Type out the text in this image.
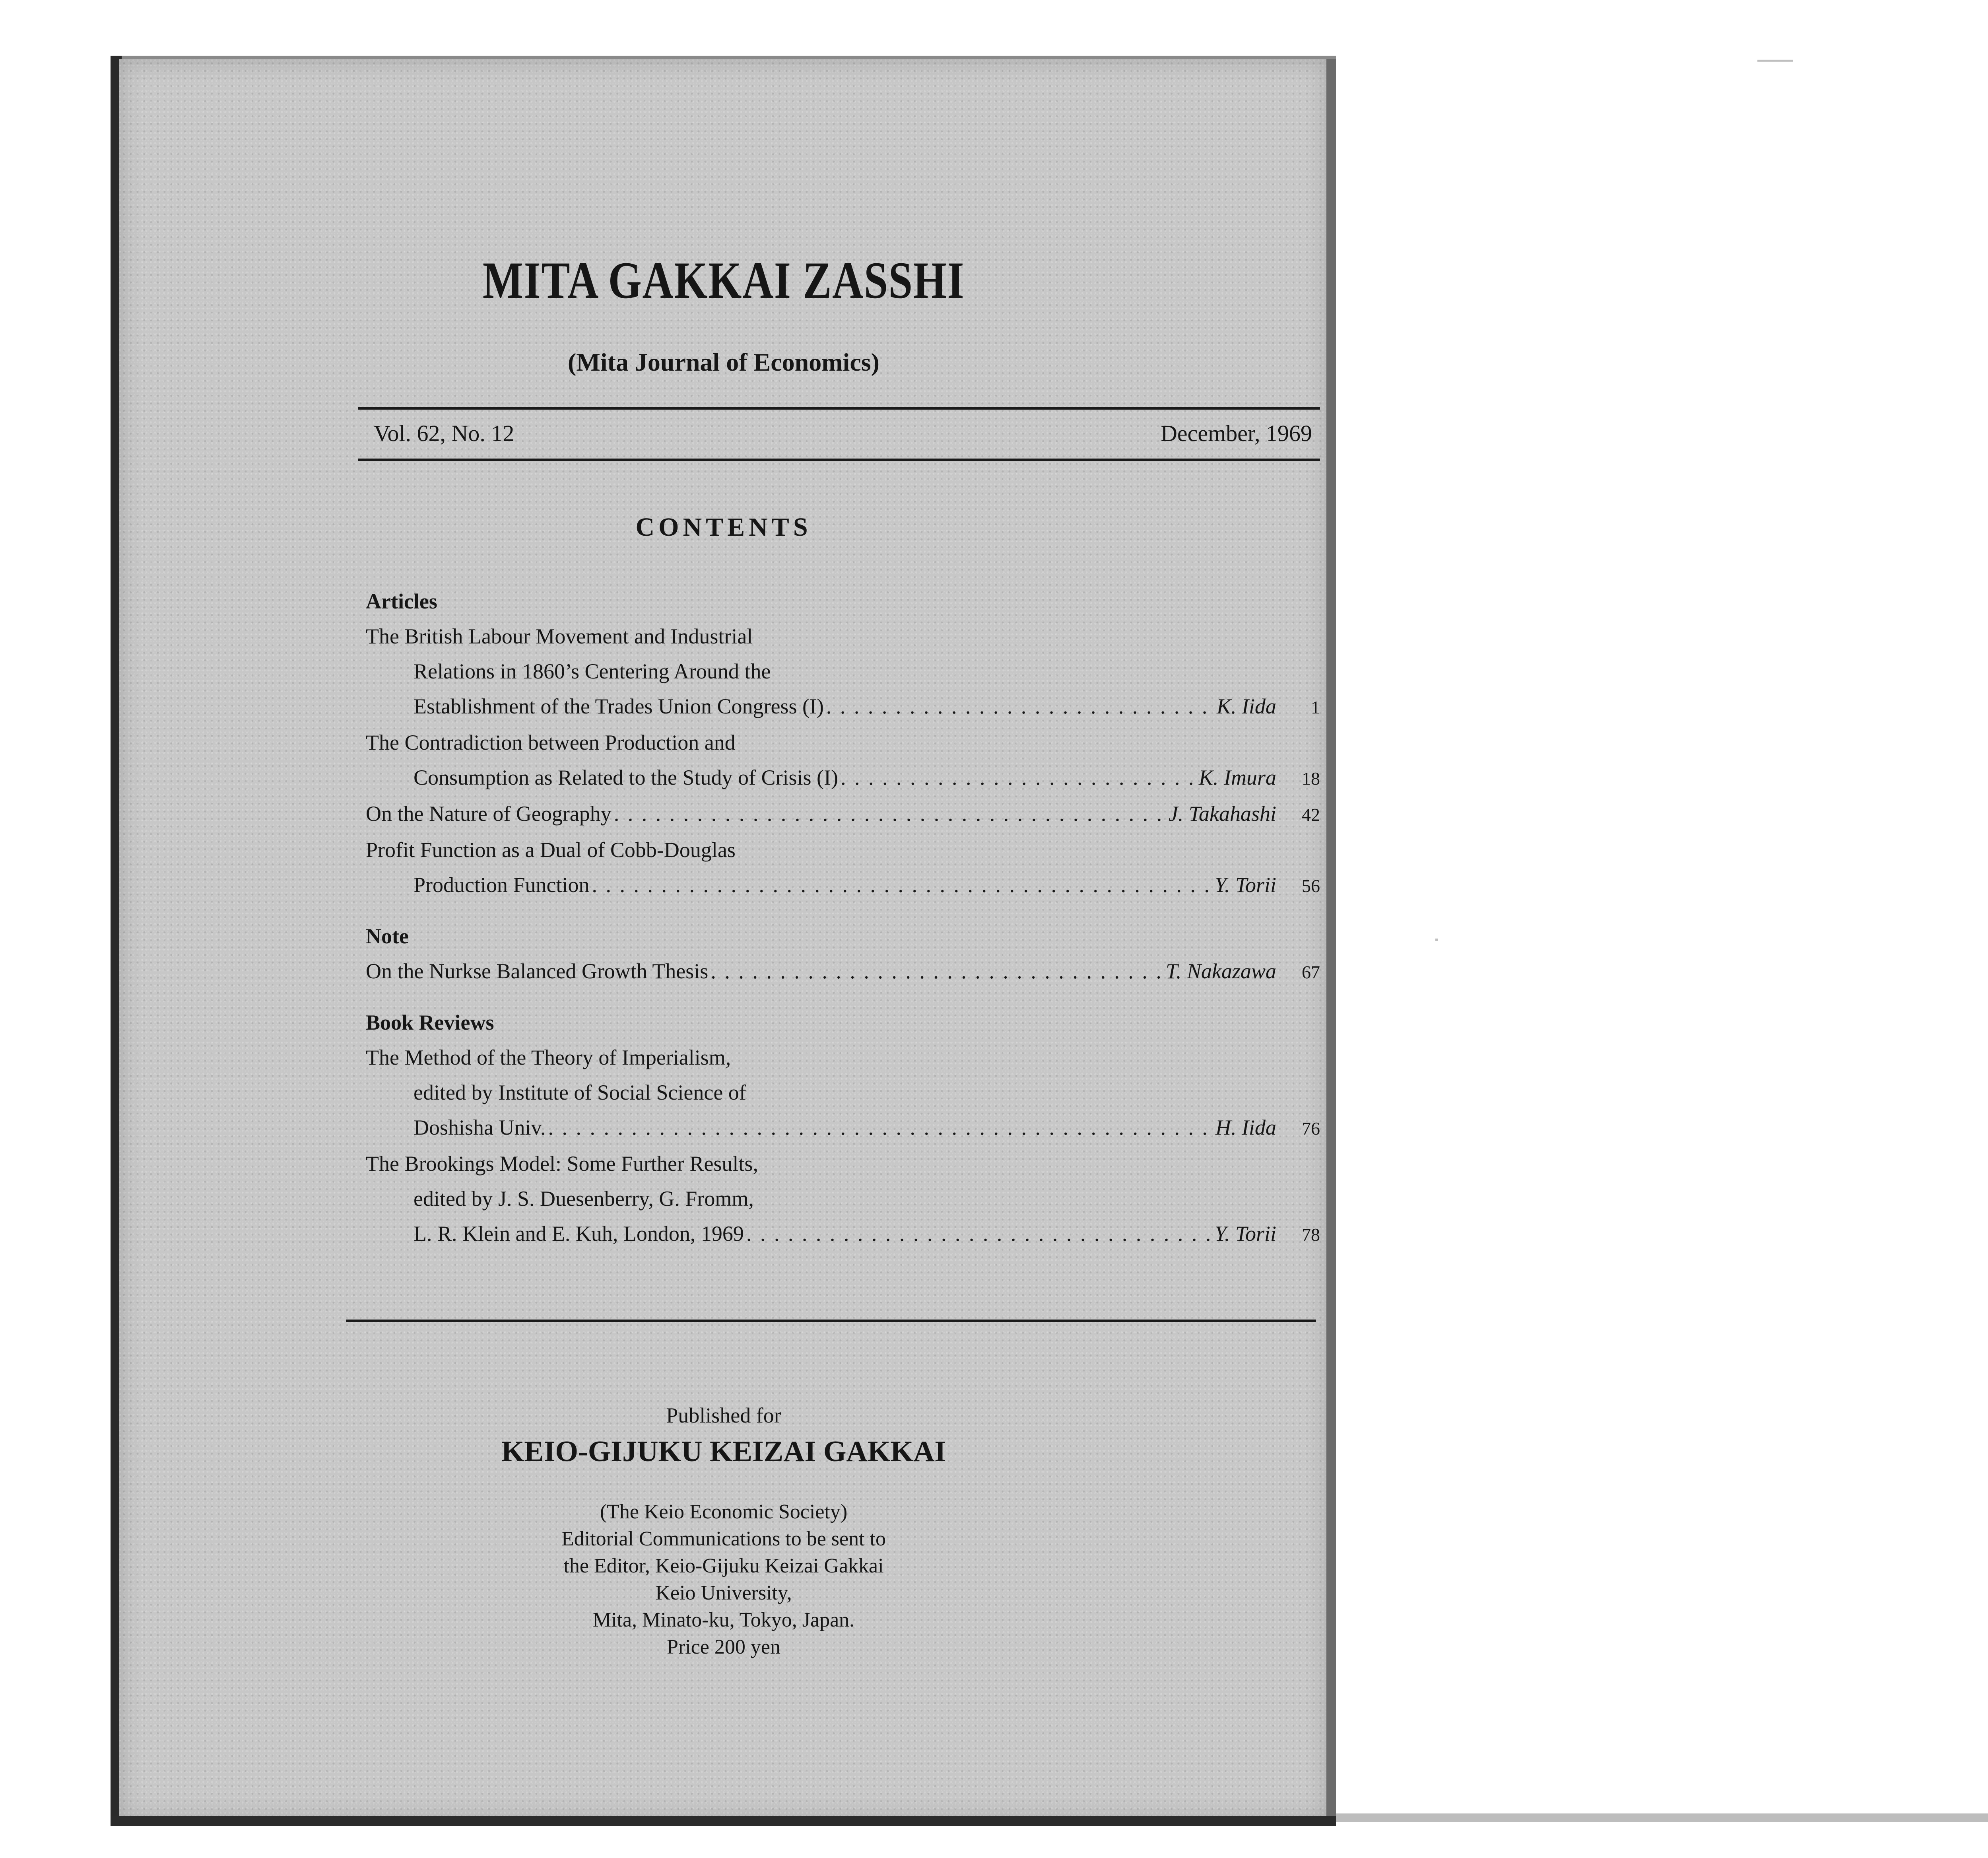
MITA GAKKAI ZASSHI
(Mita Journal of Economics)
Vol. 62, No. 12	December, 1969
CONTENTS
Articles
The British Labour Movement and Industrial
Relations in 1860’s Centering Around the
Establishment of the Trades Union Congress (I) . . .	K. Iida	1
The Contradiction between Production and
Consumption as Related to the Study of Crisis (I) . . .	K. Imura	18
On the Nature of Geography . . .	J. Takahashi	42
Profit Function as a Dual of Cobb-Douglas
Production Function . . .	Y. Torii	56
Note
On the Nurkse Balanced Growth Thesis . . .	T. Nakazawa	67
Book Reviews
The Method of the Theory of Imperialism,
edited by Institute of Social Science of
Doshisha Univ. . . .	H. Iida	76
The Brookings Model: Some Further Results,
edited by J. S. Duesenberry, G. Fromm,
L. R. Klein and E. Kuh, London, 1969 . . .	Y. Torii	78
Published for
KEIO-GIJUKU KEIZAI GAKKAI
(The Keio Economic Society)
Editorial Communications to be sent to
the Editor, Keio-Gijuku Keizai Gakkai
Keio University,
Mita, Minato-ku, Tokyo, Japan.
Price 200 yen
